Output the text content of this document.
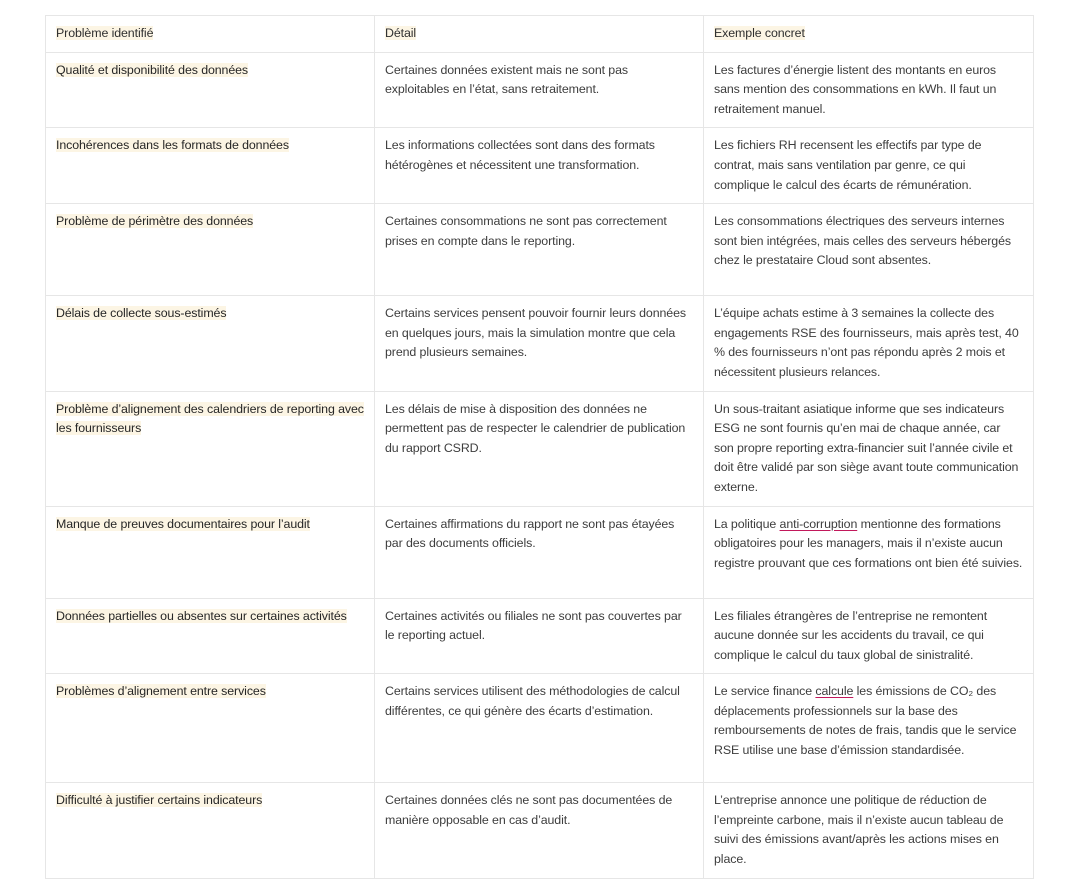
Problème identifié	Détail	Exemple concret
Qualité et disponibilité des données	Certaines données existent mais ne sont pas exploitables en l’état, sans retraitement.	Les factures d’énergie listent des montants en euros sans mention des consommations en kWh. Il faut un retraitement manuel.
Incohérences dans les formats de données	Les informations collectées sont dans des formats hétérogènes et nécessitent une transformation.	Les fichiers RH recensent les effectifs par type de contrat, mais sans ventilation par genre, ce qui complique le calcul des écarts de rémunération.
Problème de périmètre des données	Certaines consommations ne sont pas correctement prises en compte dans le reporting.	Les consommations électriques des serveurs internes sont bien intégrées, mais celles des serveurs hébergés chez le prestataire Cloud sont absentes.
Délais de collecte sous-estimés	Certains services pensent pouvoir fournir leurs données en quelques jours, mais la simulation montre que cela prend plusieurs semaines.	L’équipe achats estime à 3 semaines la collecte des engagements RSE des fournisseurs, mais après test, 40 % des fournisseurs n’ont pas répondu après 2 mois et nécessitent plusieurs relances.
Problème d’alignement des calendriers de reporting avec les fournisseurs	Les délais de mise à disposition des données ne permettent pas de respecter le calendrier de publication du rapport CSRD.	Un sous-traitant asiatique informe que ses indicateurs ESG ne sont fournis qu’en mai de chaque année, car son propre reporting extra-financier suit l’année civile et doit être validé par son siège avant toute communication externe.
Manque de preuves documentaires pour l’audit	Certaines affirmations du rapport ne sont pas étayées par des documents officiels.	La politique anti-corruption mentionne des formations obligatoires pour les managers, mais il n’existe aucun registre prouvant que ces formations ont bien été suivies.
Données partielles ou absentes sur certaines activités	Certaines activités ou filiales ne sont pas couvertes par le reporting actuel.	Les filiales étrangères de l’entreprise ne remontent aucune donnée sur les accidents du travail, ce qui complique le calcul du taux global de sinistralité.
Problèmes d’alignement entre services	Certains services utilisent des méthodologies de calcul différentes, ce qui génère des écarts d’estimation.	Le service finance calcule les émissions de CO₂ des déplacements professionnels sur la base des remboursements de notes de frais, tandis que le service RSE utilise une base d’émission standardisée.
Difficulté à justifier certains indicateurs	Certaines données clés ne sont pas documentées de manière opposable en cas d’audit.	L’entreprise annonce une politique de réduction de l’empreinte carbone, mais il n’existe aucun tableau de suivi des émissions avant/après les actions mises en place.
